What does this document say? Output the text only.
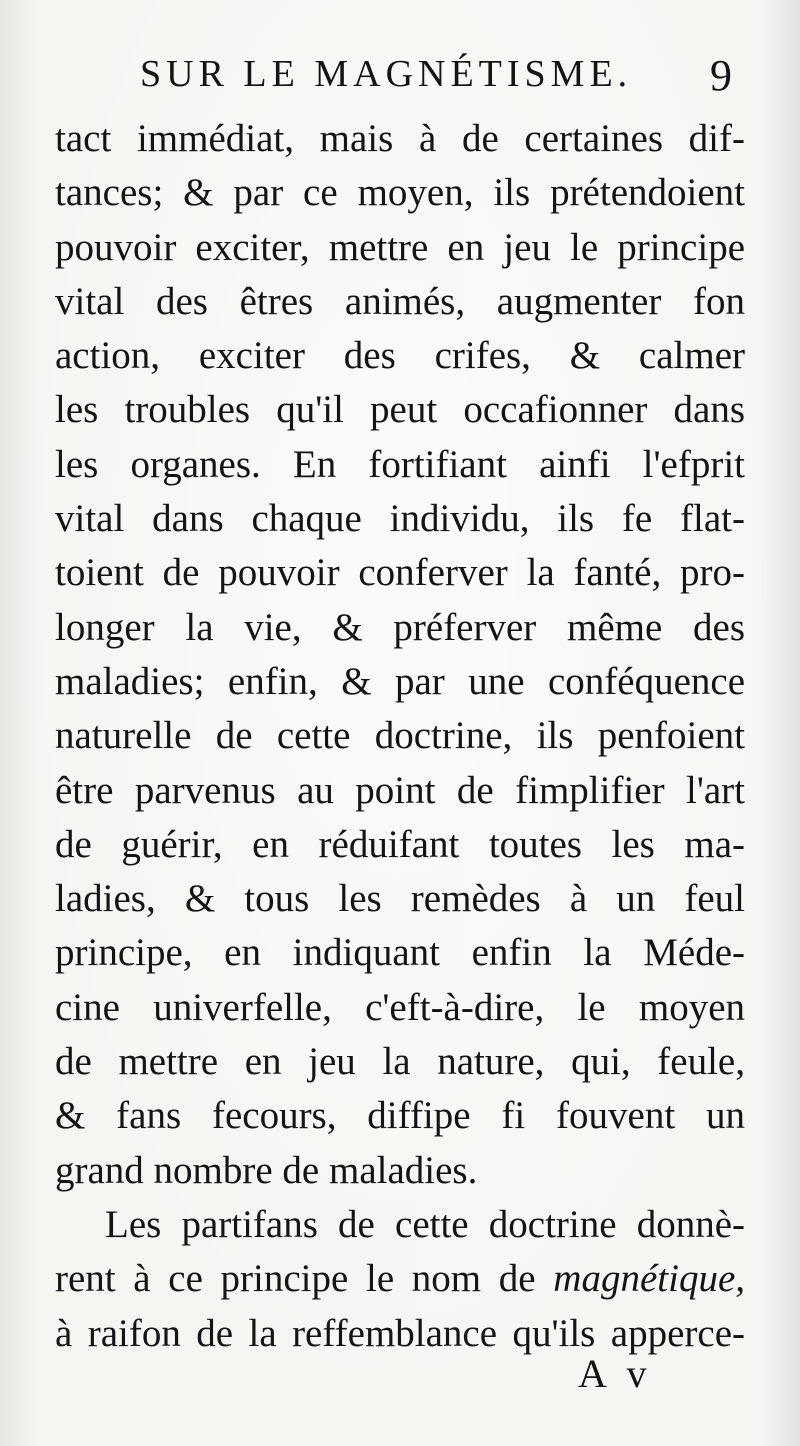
SUR LE MAGNÉTISME. 9
tact immédiat, mais à de certaines dif-
tances; & par ce moyen, ils prétendoient
pouvoir exciter, mettre en jeu le principe
vital des êtres animés, augmenter fon
action, exciter des crifes, & calmer
les troubles qu'il peut occafionner dans
les organes. En fortifiant ainfi l'efprit
vital dans chaque individu, ils fe flat-
toient de pouvoir conferver la fanté, pro-
longer la vie, & préferver même des
maladies; enfin, & par une conféquence
naturelle de cette doctrine, ils penfoient
être parvenus au point de fimplifier l'art
de guérir, en réduifant toutes les ma-
ladies, & tous les remèdes à un feul
principe, en indiquant enfin la Méde-
cine univerfelle, c'eft-à-dire, le moyen
de mettre en jeu la nature, qui, feule,
& fans fecours, diffipe fi fouvent un
grand nombre de maladies.
Les partifans de cette doctrine donnè-
rent à ce principe le nom de magnétique,
à raifon de la reffemblance qu'ils apperce-
A v
